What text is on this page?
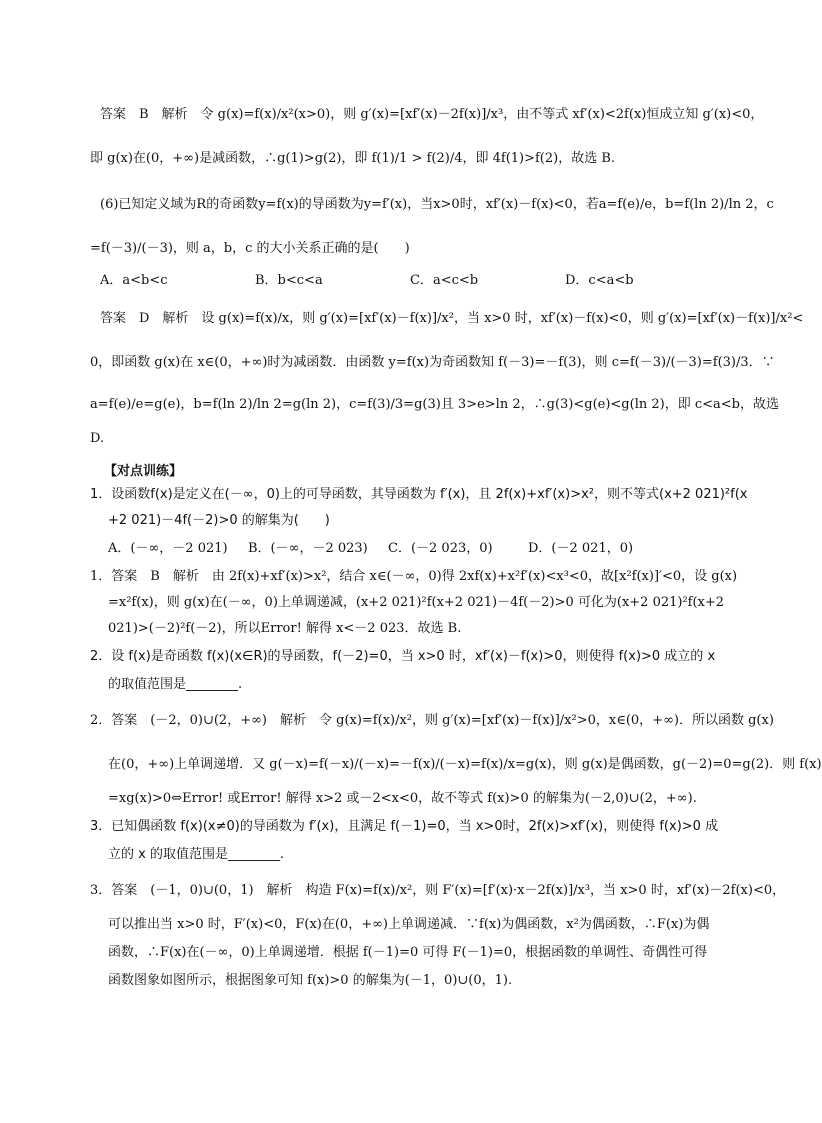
答案　B　解析　令 g(x)=f(x)/x²(x>0)，则 g′(x)=[xf′(x)－2f(x)]/x³，由不等式 xf′(x)<2f(x)恒成立知 g′(x)<0，
即 g(x)在(0，+∞)是减函数，∴g(1)>g(2)，即 f(1)/1 > f(2)/4，即 4f(1)>f(2)，故选 B.
(6)已知定义域为R的奇函数y=f(x)的导函数为y=f′(x)，当x>0时，xf′(x)－f(x)<0，若a=f(e)/e，b=f(ln 2)/ln 2，c
=f(－3)/(－3)，则 a，b，c 的大小关系正确的是(　　)
A．a<b<c	B．b<c<a	C．a<c<b	D．c<a<b
答案　D　解析　设 g(x)=f(x)/x，则 g′(x)=[xf′(x)－f(x)]/x²，当 x>0 时，xf′(x)－f(x)<0，则 g′(x)=[xf′(x)－f(x)]/x²<
0，即函数 g(x)在 x∈(0，+∞)时为减函数．由函数 y=f(x)为奇函数知 f(－3)=－f(3)，则 c=f(－3)/(－3)=f(3)/3．∵
a=f(e)/e=g(e)，b=f(ln 2)/ln 2=g(ln 2)，c=f(3)/3=g(3)且 3>e>ln 2，∴g(3)<g(e)<g(ln 2)，即 c<a<b，故选
D.
【对点训练】
1．设函数f(x)是定义在(－∞，0)上的可导函数，其导函数为 f′(x)，且 2f(x)+xf′(x)>x²，则不等式(x+2 021)²f(x
+2 021)－4f(－2)>0 的解集为(　　)
A．(－∞，－2 021)	B．(－∞，－2 023)	C．(－2 023，0)	D．(－2 021，0)
1．答案　B　解析　由 2f(x)+xf′(x)>x²，结合 x∈(－∞，0)得 2xf(x)+x²f′(x)<x³<0，故[x²f(x)]′<0，设 g(x)
=x²f(x)，则 g(x)在(－∞，0)上单调递减，(x+2 021)²f(x+2 021)－4f(－2)>0 可化为(x+2 021)²f(x+2
021)>(－2)²f(－2)，所以Error! 解得 x<－2 023．故选 B.
2．设 f(x)是奇函数 f(x)(x∈R)的导函数，f(－2)=0，当 x>0 时，xf′(x)－f(x)>0，则使得 f(x)>0 成立的 x
的取值范围是________.
2．答案　(－2，0)∪(2，+∞)　解析　令 g(x)=f(x)/x²，则 g′(x)=[xf′(x)－f(x)]/x²>0，x∈(0，+∞)．所以函数 g(x)
在(0，+∞)上单调递增．又 g(－x)=f(－x)/(－x)=－f(x)/(－x)=f(x)/x=g(x)，则 g(x)是偶函数，g(－2)=0=g(2)．则 f(x)
=xg(x)>0⇔Error! 或Error! 解得 x>2 或－2<x<0，故不等式 f(x)>0 的解集为(－2,0)∪(2，+∞).
3．已知偶函数 f(x)(x≠0)的导函数为 f′(x)，且满足 f(－1)=0，当 x>0时，2f(x)>xf′(x)，则使得 f(x)>0 成
立的 x 的取值范围是________.
3．答案　(－1，0)∪(0，1)　解析　构造 F(x)=f(x)/x²，则 F′(x)=[f′(x)·x－2f(x)]/x³，当 x>0 时，xf′(x)－2f(x)<0，
可以推出当 x>0 时，F′(x)<0，F(x)在(0，+∞)上单调递减．∵f(x)为偶函数，x²为偶函数，∴F(x)为偶
函数，∴F(x)在(－∞，0)上单调递增．根据 f(－1)=0 可得 F(－1)=0，根据函数的单调性、奇偶性可得
函数图象如图所示，根据图象可知 f(x)>0 的解集为(－1，0)∪(0，1).
